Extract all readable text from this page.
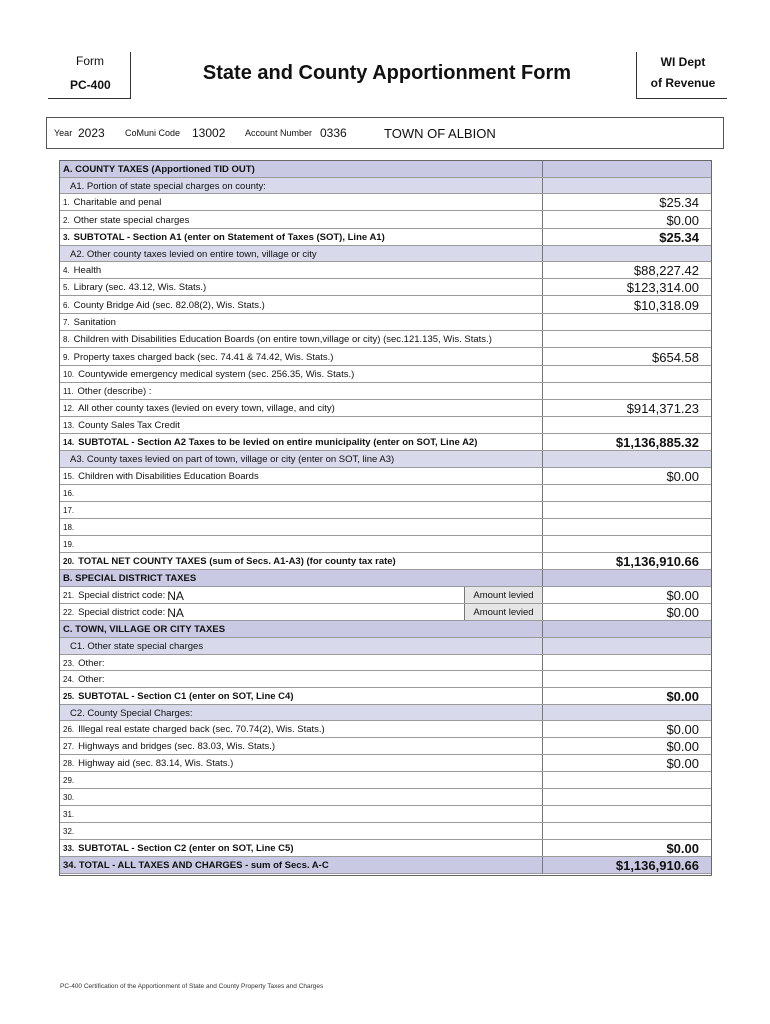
Form
PC-400
State and County Apportionment Form	WI Dept
of Revenue
Year 2023 CoMuni Code 13002 Account Number 0336	TOWN OF ALBION
A. COUNTY TAXES (Apportioned TID OUT)
A1. Portion of state special charges on county:
1. Charitable and penal	$25.34
2. Other state special charges	$0.00
3. SUBTOTAL - Section A1 (enter on Statement of Taxes (SOT), Line A1)	$25.34
A2. Other county taxes levied on entire town, village or city
4. Health	$88,227.42
5. Library (sec. 43.12, Wis. Stats.)	$123,314.00
6. County Bridge Aid (sec. 82.08(2), Wis. Stats.)	$10,318.09
7. Sanitation
8. Children with Disabilities Education Boards (on entire town,village or city) (sec.121.135, Wis. Stats.)
9. Property taxes charged back (sec. 74.41 & 74.42, Wis. Stats.)	$654.58
10. Countywide emergency medical system (sec. 256.35, Wis. Stats.)
11. Other (describe) :
12. All other county taxes (levied on every town, village, and city)	$914,371.23
13. County Sales Tax Credit
14. SUBTOTAL - Section A2 Taxes to be levied on entire municipality (enter on SOT, Line A2)	$1,136,885.32
A3. County taxes levied on part of town, village or city (enter on SOT, line A3)
15. Children with Disabilities Education Boards	$0.00
16.
17.
18.
19.
20. TOTAL NET COUNTY TAXES (sum of Secs. A1-A3) (for county tax rate)	$1,136,910.66
B. SPECIAL DISTRICT TAXES
21. Special district code: NA	Amount levied	$0.00
22. Special district code: NA	Amount levied	$0.00
C. TOWN, VILLAGE OR CITY TAXES
C1. Other state special charges
23. Other:
24. Other:
25. SUBTOTAL - Section C1 (enter on SOT, Line C4)	$0.00
C2. County Special Charges:
26. Illegal real estate charged back (sec. 70.74(2), Wis. Stats.)	$0.00
27. Highways and bridges (sec. 83.03, Wis. Stats.)	$0.00
28. Highway aid (sec. 83.14, Wis. Stats.)	$0.00
29.
30.
31.
32.
33. SUBTOTAL - Section C2 (enter on SOT, Line C5)	$0.00
34. TOTAL - ALL TAXES AND CHARGES - sum of Secs. A-C	$1,136,910.66
PC-400 Certification of the Apportionment of State and County Property Taxes and Charges
